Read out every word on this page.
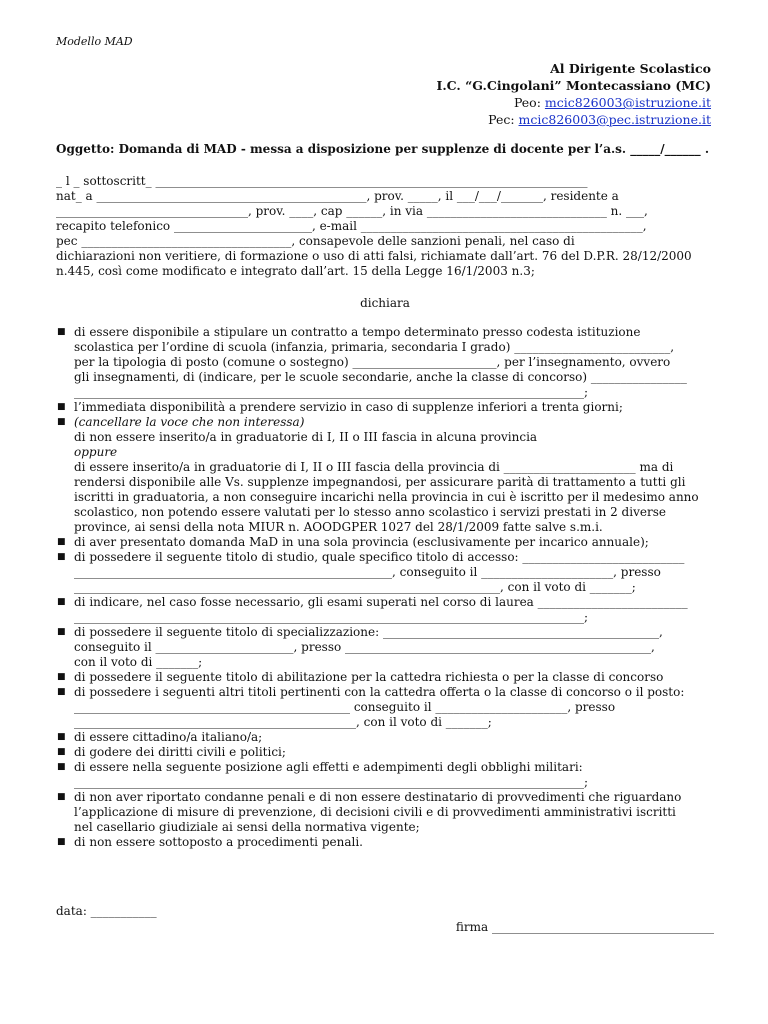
Modello MAD
Al Dirigente Scolastico
I.C. “G.Cingolani” Montecassiano (MC)
Peo: mcic826003@istruzione.it
Pec: mcic826003@pec.istruzione.it
Oggetto: Domanda di MAD - messa a disposizione per supplenze di docente per l’a.s. _____/______ .
_ l _ sottoscritt_ ________________________________________________________________________
nat_ a _____________________________________________, prov. _____, il ___/___/_______, residente a
________________________________, prov. ____, cap ______, in via ______________________________ n. ___,
recapito telefonico _______________________, e-mail _______________________________________________,
pec ___________________________________, consapevole delle sanzioni penali, nel caso di
dichiarazioni non veritiere, di formazione o uso di atti falsi, richiamate dall’art. 76 del D.P.R. 28/12/2000
n.445, così come modificato e integrato dall’art. 15 della Legge 16/1/2003 n.3;
dichiara
■ di essere disponibile a stipulare un contratto a tempo determinato presso codesta istituzione
scolastica per l’ordine di scuola (infanzia, primaria, secondaria I grado) __________________________,
per la tipologia di posto (comune o sostegno) ________________________, per l’insegnamento, ovvero
gli insegnamenti, di (indicare, per le scuole secondarie, anche la classe di concorso) ________________
_____________________________________________________________________________________;
■ l’immediata disponibilità a prendere servizio in caso di supplenze inferiori a trenta giorni;
■ (cancellare la voce che non interessa)
di non essere inserito/a in graduatorie di I, II o III fascia in alcuna provincia
oppure
di essere inserito/a in graduatorie di I, II o III fascia della provincia di ______________________ ma di
rendersi disponibile alle Vs. supplenze impegnandosi, per assicurare parità di trattamento a tutti gli
iscritti in graduatoria, a non conseguire incarichi nella provincia in cui è iscritto per il medesimo anno
scolastico, non potendo essere valutati per lo stesso anno scolastico i servizi prestati in 2 diverse
province, ai sensi della nota MIUR n. AOODGPER 1027 del 28/1/2009 fatte salve s.m.i.
■ di aver presentato domanda MaD in una sola provincia (esclusivamente per incarico annuale);
■ di possedere il seguente titolo di studio, quale specifico titolo di accesso: ___________________________
_____________________________________________________, conseguito il ______________________, presso
_______________________________________________________________________, con il voto di _______;
■ di indicare, nel caso fosse necessario, gli esami superati nel corso di laurea _________________________
_____________________________________________________________________________________;
■ di possedere il seguente titolo di specializzazione: ______________________________________________,
conseguito il _______________________, presso ___________________________________________________,
con il voto di _______;
■ di possedere il seguente titolo di abilitazione per la cattedra richiesta o per la classe di concorso
■ di possedere i seguenti altri titoli pertinenti con la cattedra offerta o la classe di concorso o il posto:
______________________________________________ conseguito il ______________________, presso
_______________________________________________, con il voto di _______;
■ di essere cittadino/a italiano/a;
■ di godere dei diritti civili e politici;
■ di essere nella seguente posizione agli effetti e adempimenti degli obblighi militari:
_____________________________________________________________________________________;
■ di non aver riportato condanne penali e di non essere destinatario di provvedimenti che riguardano
l’applicazione di misure di prevenzione, di decisioni civili e di provvedimenti amministrativi iscritti
nel casellario giudiziale ai sensi della normativa vigente;
■ di non essere sottoposto a procedimenti penali.
data: ___________
firma _____________________________________
